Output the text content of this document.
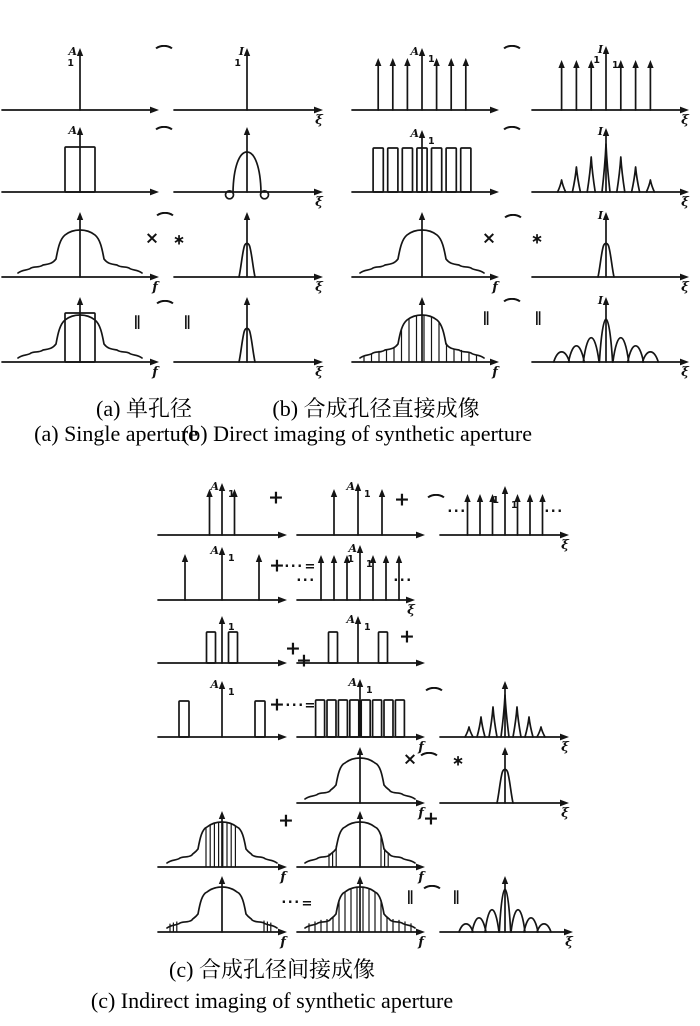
A
1
I
1
ξ
A
ξ
f	ξ
f	ξ
A
1
I
1 1
ξ
A
1
I
ξ
f
I
ξ
f
I
ξ
A
1
A
1
1 1
ξ
A
1
A
1 1
ξ
1
A
1
A
1
A
1
f	ξ
f	ξ
f	f
f	f	ξ
× ∗
∥	∥
× ∗
∥	∥
+	+
···	···
+ ··· =
···	···
+
+
+
+ ··· =
× ∗
+	+
··· =	∥	∥
(a) 单孔径	(b) 合成孔径直接成像
(a) Single aperture
(b) Direct imaging of synthetic aperture
(c) 合成孔径间接成像
(c) Indirect imaging of synthetic aperture
